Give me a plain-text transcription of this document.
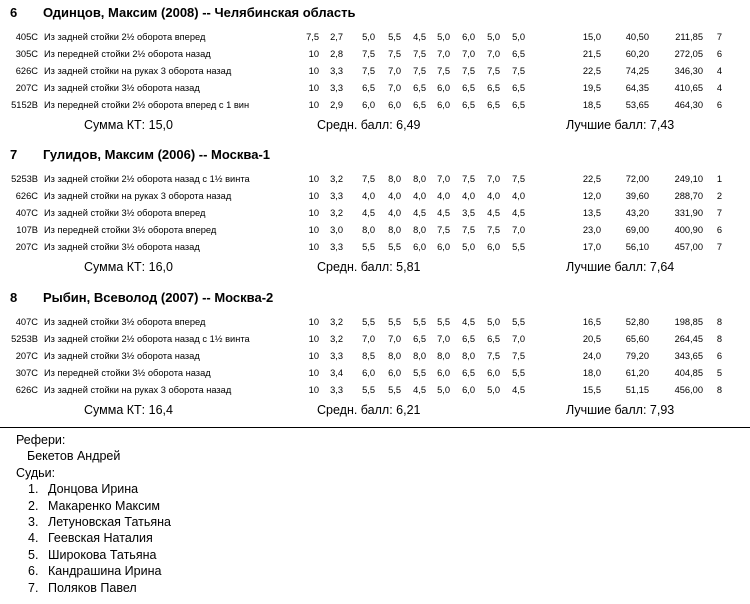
6 Одинцов, Максим (2008) -- Челябинская область
405C Из задней стойки 2½ оборота вперед	7,5	2,7	5,0	5,5	4,5	5,0	6,0	5,0	5,0	15,0	40,50	211,85	7
305C Из передней стойки 2½ оборота назад	10	2,8	7,5	7,5	7,5	7,0	7,0	7,0	6,5	21,5	60,20	272,05	6
626C Из задней стойки на руках 3 оборота назад	10	3,3	7,5	7,0	7,5	7,5	7,5	7,5	7,5	22,5	74,25	346,30	4
207C Из задней стойки 3½ оборота назад	10	3,3	6,5	7,0	6,5	6,0	6,5	6,5	6,5	19,5	64,35	410,65	4
5152B Из передней стойки 2½ оборота вперед с 1 вин	10	2,9	6,0	6,0	6,5	6,0	6,5	6,5	6,5	18,5	53,65	464,30	6
Сумма КТ: 15,0	Средн. балл: 6,49	Лучшие балл: 7,43
7 Гулидов, Максим (2006) -- Москва-1
5253B Из задней стойки 2½ оборота назад с 1½ винта	10	3,2	7,5	8,0	8,0	7,0	7,5	7,0	7,5	22,5	72,00	249,10	1
626C Из задней стойки на руках 3 оборота назад	10	3,3	4,0	4,0	4,0	4,0	4,0	4,0	4,0	12,0	39,60	288,70	2
407C Из задней стойки 3½ оборота вперед	10	3,2	4,5	4,0	4,5	4,5	3,5	4,5	4,5	13,5	43,20	331,90	7
107B Из передней стойки 3½ оборота вперед	10	3,0	8,0	8,0	8,0	7,5	7,5	7,5	7,0	23,0	69,00	400,90	6
207C Из задней стойки 3½ оборота назад	10	3,3	5,5	5,5	6,0	6,0	5,0	6,0	5,5	17,0	56,10	457,00	7
Сумма КТ: 16,0	Средн. балл: 5,81	Лучшие балл: 7,64
8 Рыбин, Всеволод (2007) -- Москва-2
407C Из задней стойки 3½ оборота вперед	10	3,2	5,5	5,5	5,5	5,5	4,5	5,0	5,5	16,5	52,80	198,85	8
5253B Из задней стойки 2½ оборота назад с 1½ винта	10	3,2	7,0	7,0	6,5	7,0	6,5	6,5	7,0	20,5	65,60	264,45	8
207C Из задней стойки 3½ оборота назад	10	3,3	8,5	8,0	8,0	8,0	8,0	7,5	7,5	24,0	79,20	343,65	6
307C Из передней стойки 3½ оборота назад	10	3,4	6,0	6,0	5,5	6,0	6,5	6,0	5,5	18,0	61,20	404,85	5
626C Из задней стойки на руках 3 оборота назад	10	3,3	5,5	5,5	4,5	5,0	6,0	5,0	4,5	15,5	51,15	456,00	8
Сумма КТ: 16,4	Средн. балл: 6,21	Лучшие балл: 7,93
Рефери:
Бекетов Андрей
Судьи:
1. Донцова Ирина
2. Макаренко Максим
3. Летуновская Татьяна
4. Геевская Наталия
5. Широкова Татьяна
6. Кандрашина Ирина
7. Поляков Павел
